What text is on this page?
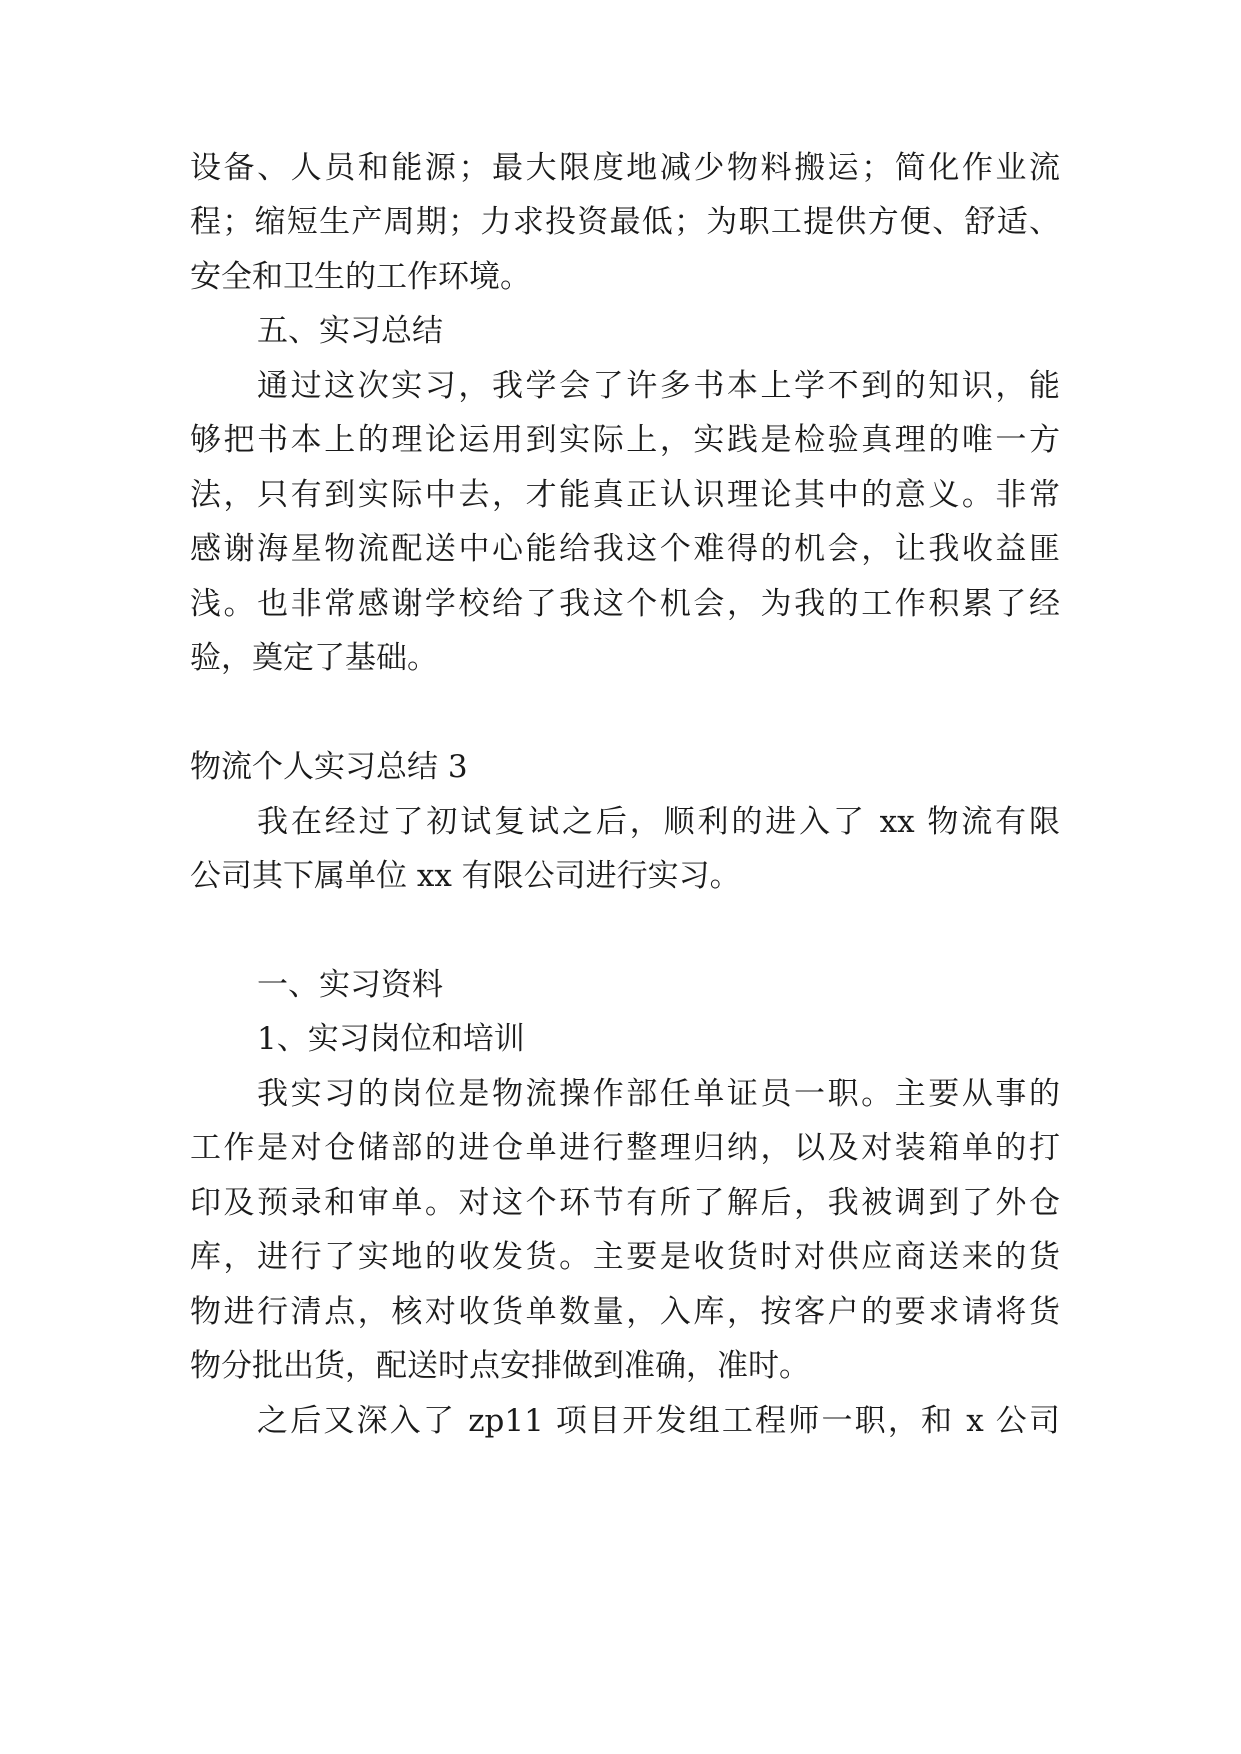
设备、人员和能源；最大限度地减少物料搬运；简化作业流
程；缩短生产周期；力求投资最低；为职工提供方便、舒适、
安全和卫生的工作环境。
五、实习总结
通过这次实习，我学会了许多书本上学不到的知识，能
够把书本上的理论运用到实际上，实践是检验真理的唯一方
法，只有到实际中去，才能真正认识理论其中的意义。非常
感谢海星物流配送中心能给我这个难得的机会，让我收益匪
浅。也非常感谢学校给了我这个机会，为我的工作积累了经
验，奠定了基础。
物流个人实习总结 3
我在经过了初试复试之后，顺利的进入了 xx 物流有限
公司其下属单位 xx 有限公司进行实习。
一、实习资料
1、实习岗位和培训
我实习的岗位是物流操作部任单证员一职。主要从事的
工作是对仓储部的进仓单进行整理归纳，以及对装箱单的打
印及预录和审单。对这个环节有所了解后，我被调到了外仓
库，进行了实地的收发货。主要是收货时对供应商送来的货
物进行清点，核对收货单数量，入库，按客户的要求请将货
物分批出货，配送时点安排做到准确，准时。
之后又深入了 zp11 项目开发组工程师一职，和 x 公司
